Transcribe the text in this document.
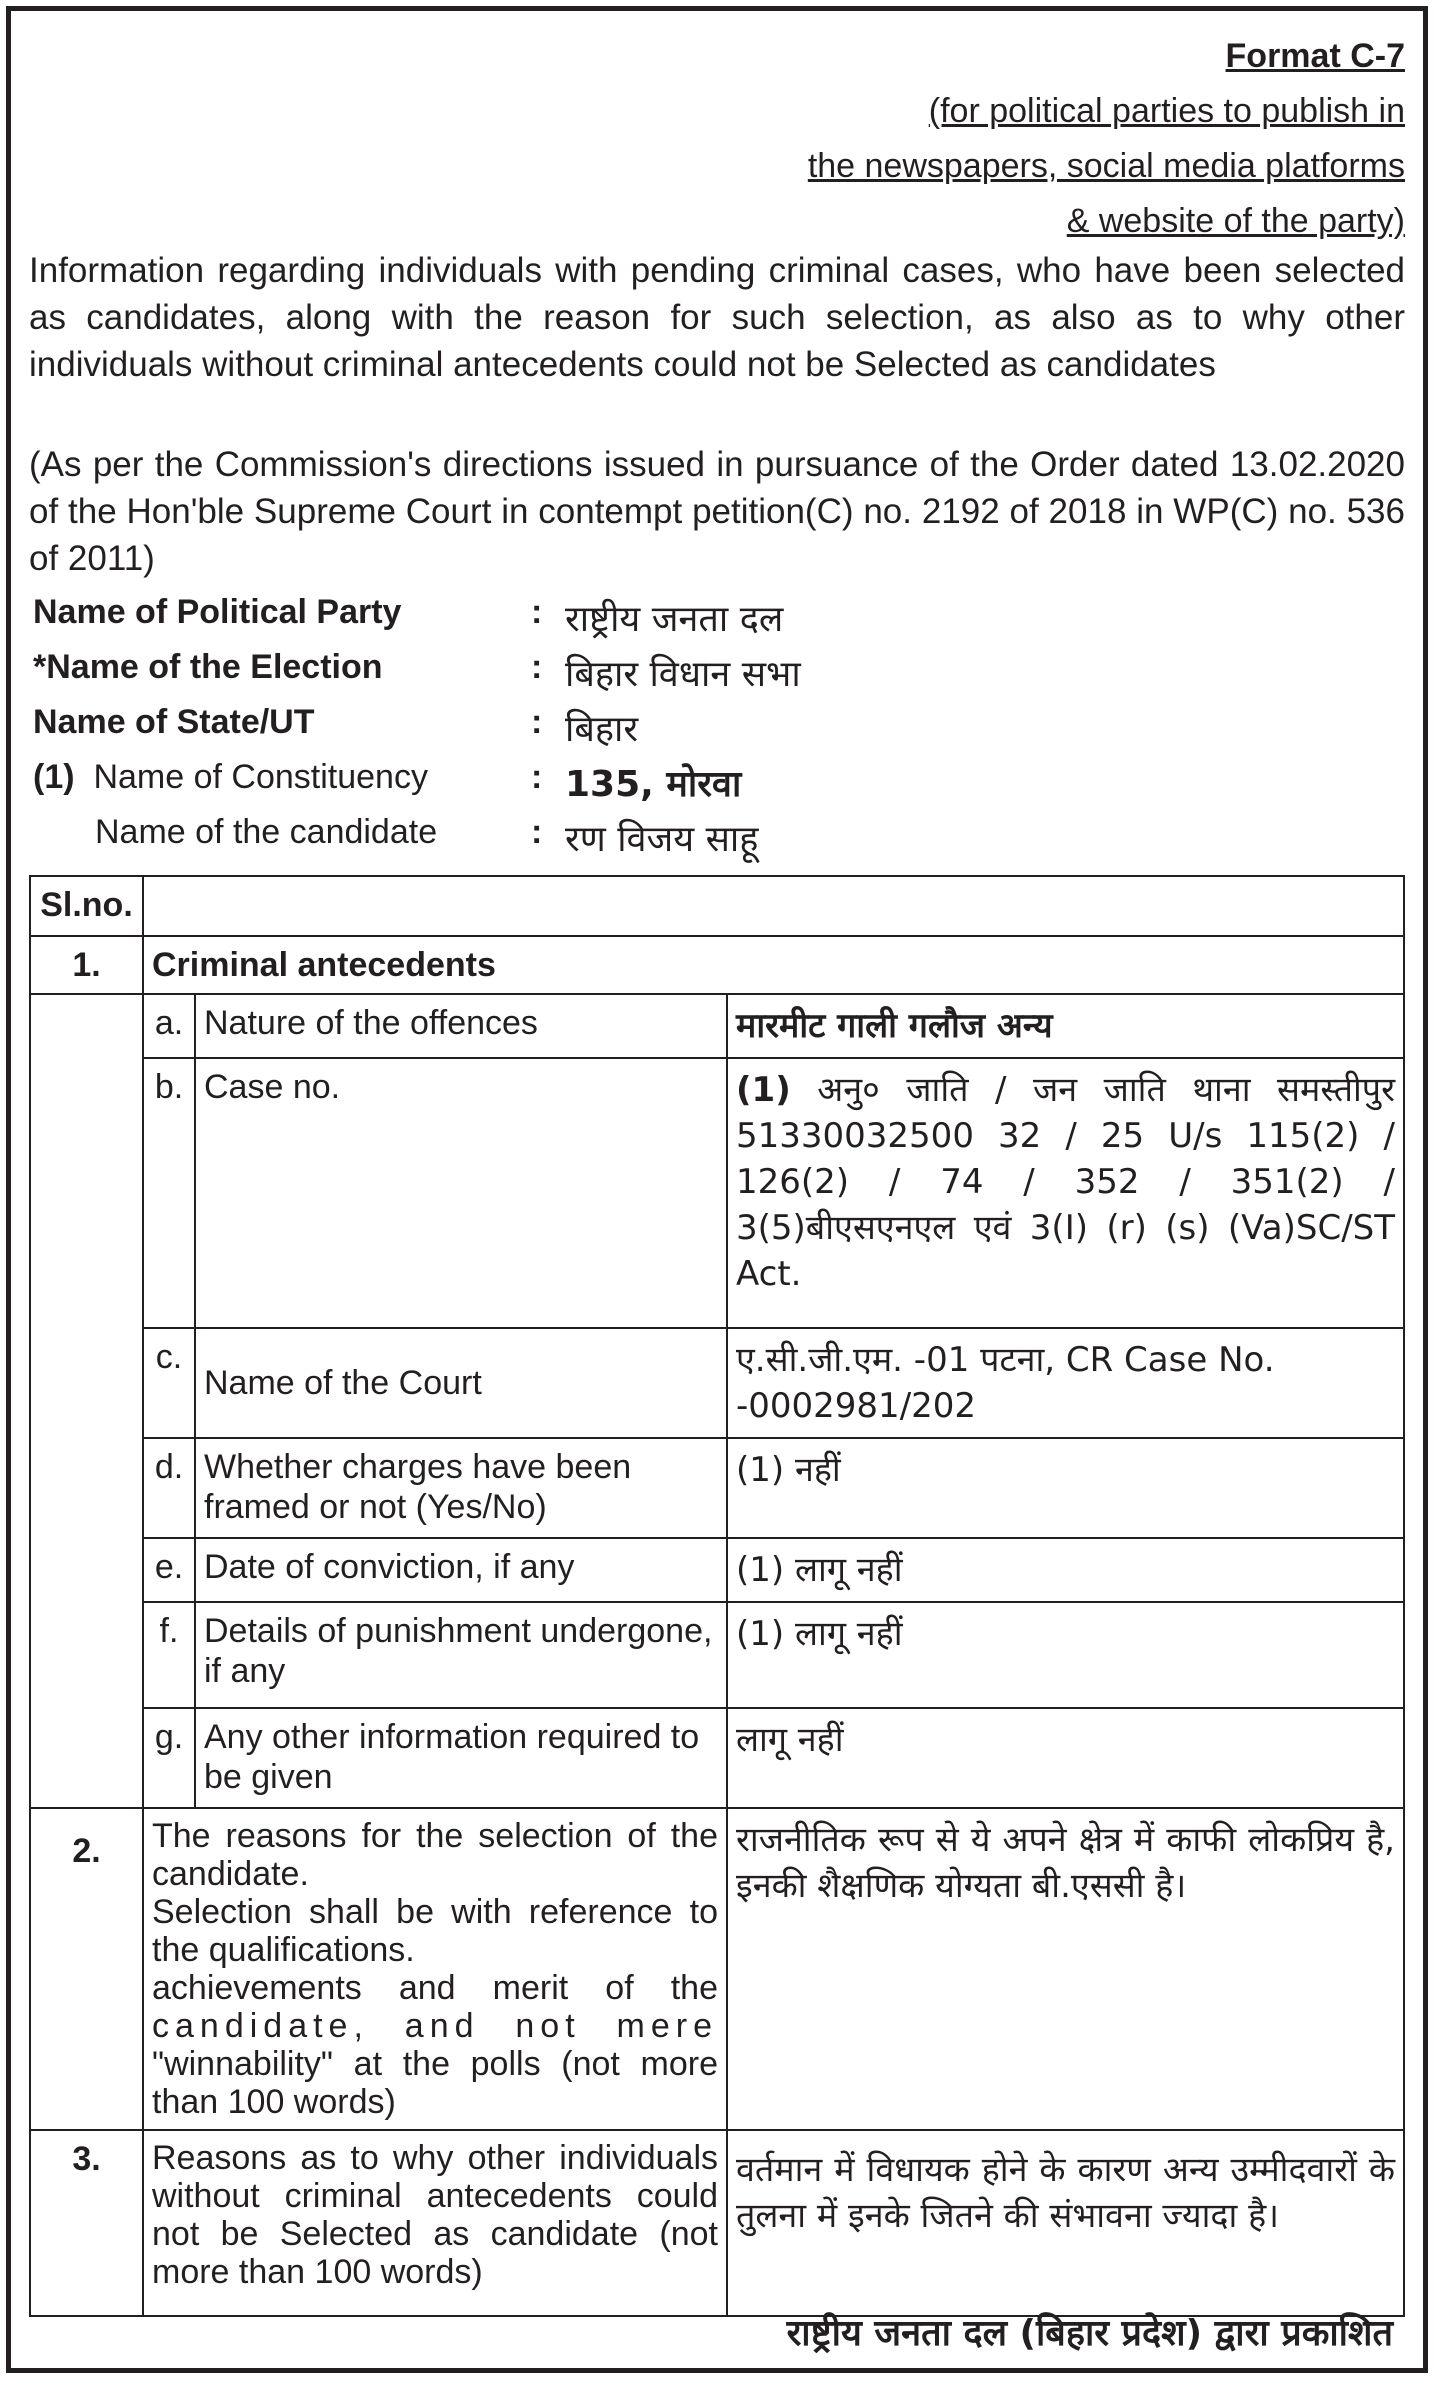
Format C-7
(for political parties to publish in
the newspapers, social media platforms
& website of the party)
Information regarding individuals with pending criminal cases, who have been selected as candidates, along with the reason for such selection, as also as to why other individuals without criminal antecedents could not be Selected as candidates
(As per the Commission's directions issued in pursuance of the Order dated 13.02.2020 of the Hon'ble Supreme Court in contempt petition(C) no. 2192 of 2018 in WP(C) no. 536 of 2011)
Name of Political Party	: राष्ट्रीय जनता दल
*Name of the Election	: बिहार विधान सभा
Name of State/UT	: बिहार
(1) Name of Constituency	: 135, मोरवा
Name of the candidate	: रण विजय साहू
Sl.no.			
1.	Criminal antecedents		
	a.	Nature of the offences	मारमीट गाली गलौज अन्य
	b.	Case no.	(1) अनु० जाति / जन जाति थाना समस्तीपुर 51330032500 32 / 25 U/s 115(2) / 126(2) / 74 / 352 / 351(2) / 3(5)बीएसएनएल एवं 3(I) (r) (s) (Va)SC/ST Act.
	c.	Name of the Court	ए.सी.जी.एम. -01 पटना, CR Case No. -0002981/202
	d.	Whether charges have been framed or not (Yes/No)	(1) नहीं
	e.	Date of conviction, if any	(1) लागू नहीं
	f.	Details of punishment undergone, if any	(1) लागू नहीं
	g.	Any other information required to be given	लागू नहीं
2.	The reasons for the selection of the candidate.
Selection shall be with reference to the qualifications.
achievements and merit of the
candidate, and not mere
"winnability" at the polls (not more than 100 words)		राजनीतिक रूप से ये अपने क्षेत्र में काफी लोकप्रिय है, इनकी शैक्षणिक योग्यता बी.एससी है।
3.	Reasons as to why other individuals without criminal antecedents could not be Selected as candidate (not more than 100 words)		वर्तमान में विधायक होने के कारण अन्य उम्मीदवारों के तुलना में इनके जितने की संभावना ज्यादा है।
राष्ट्रीय जनता दल (बिहार प्रदेश) द्वारा प्रकाशित
